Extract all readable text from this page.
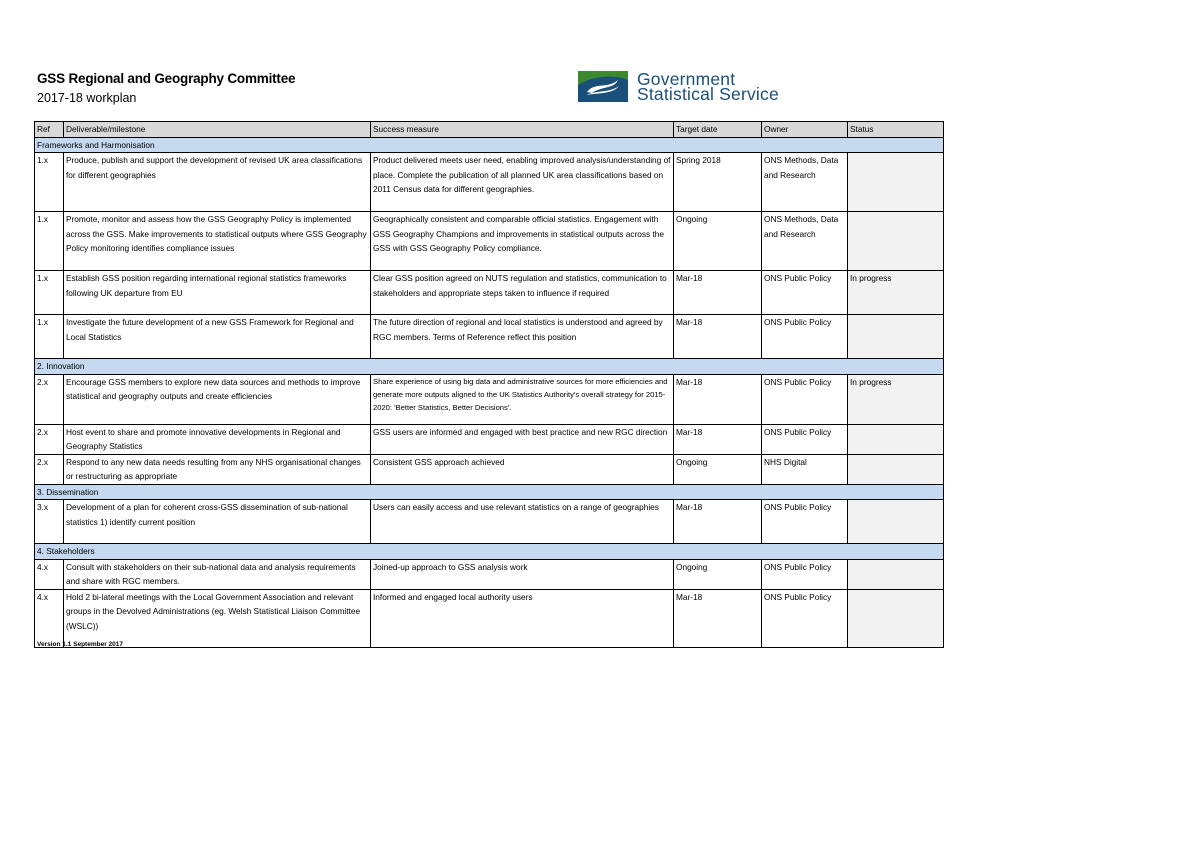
GSS Regional and Geography Committee
2017-18 workplan
Government
Statistical Service
Ref	Deliverable/milestone	Success measure	Target date	Owner	Status
Frameworks and Harmonisation					
1.x	Produce, publish and support the development of revised UK area classifications for different geographies	Product delivered meets user need, enabling improved analysis/understanding of place. Complete the publication of all planned UK area classifications based on 2011 Census data for different geographies.	Spring 2018	ONS Methods, Data and Research	
1.x	Promote, monitor and assess how the GSS Geography Policy is implemented across the GSS. Make improvements to statistical outputs where GSS Geography Policy monitoring identifies compliance issues	Geographically consistent and comparable official statistics. Engagement with GSS Geography Champions and improvements in statistical outputs across the GSS with GSS Geography Policy compliance.	Ongoing	ONS Methods, Data and Research	
1.x	Establish GSS position regarding international regional statistics frameworks following UK departure from EU	Clear GSS position agreed on NUTS regulation and statistics, communication to stakeholders and appropriate steps taken to influence if required	Mar-18	ONS Public Policy	In progress
1.x	Investigate the future development of a new GSS Framework for Regional and Local Statistics	The future direction of regional and local statistics is understood and agreed by RGC members. Terms of Reference reflect this position	Mar-18	ONS Public Policy	
2. Innovation					
2.x	Encourage GSS members to explore new data sources and methods to improve statistical and geography outputs and create efficiencies	Share experience of using big data and administrative sources for more efficiencies and generate more outputs aligned to the UK Statistics Authority's overall strategy for 2015-2020: 'Better Statistics, Better Decisions'.	Mar-18	ONS Public Policy	In progress
2.x	Host event to share and promote innovative developments in Regional and Geography Statistics	GSS users are informed and engaged with best practice and new RGC direction	Mar-18	ONS Public Policy	
2.x	Respond to any new data needs resulting from any NHS organisational changes or restructuring as appropriate	Consistent GSS approach achieved	Ongoing	NHS Digital	
3. Dissemination					
3.x	Development of a plan for coherent cross-GSS dissemination of sub-national statistics 1) identify current position	Users can easily access and use relevant statistics on a range of geographies	Mar-18	ONS Public Policy	
4. Stakeholders					
4.x	Consult with stakeholders on their sub-national data and analysis requirements and share with RGC members.	Joined-up approach to GSS analysis work	Ongoing	ONS Public Policy	
4.x	Hold 2 bi-lateral meetings with the Local Government Association and relevant groups in the Devolved Administrations (eg. Welsh Statistical Liaison Committee (WSLC))	Informed and engaged local authority users	Mar-18	ONS Public Policy	
Version 1.1 September 2017
